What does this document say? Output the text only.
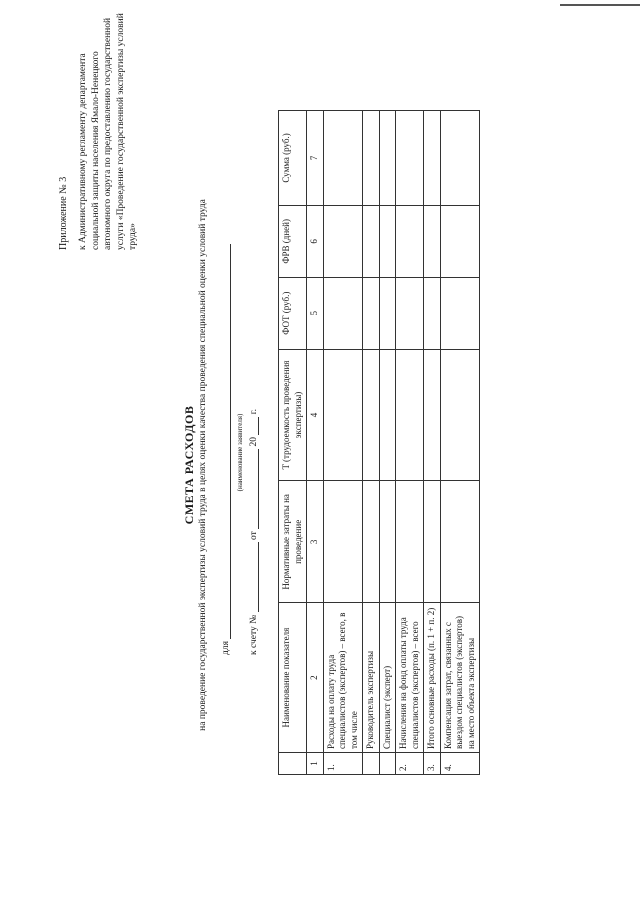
Приложение № 3 к Административному регламенту департамента социальной защиты населения Ямало-Ненецкого автономного округа по предоставлению государственной услуги «Проведение государственной экспертизы условий труда»
СМЕТА РАСХОДОВ на проведение государственной экспертизы условий труда в целях оценки качества проведения специальной оценки условий труда для
(наименование заявителя)
к счету №  от  20  г.
	Наименование показателя	Нормативные затраты на проведение	T (трудоемкость проведения экспертизы)	ФОТ (руб.)	ФРВ (дней)	Сумма (руб.)
1	2	3	4	5	6	7
1.	Расходы на оплату труда специалистов (экспертов) – всего, в том числе					
	Руководитель экспертизы					
	Специалист (эксперт)					
2.	Начисления на фонд оплаты труда специалистов (экспертов) – всего					
3.	Итого основные расходы (п. 1 + п. 2)					
4.	Компенсация затрат, связанных с выездом специалистов (экспертов) на место объекта экспертизы					
